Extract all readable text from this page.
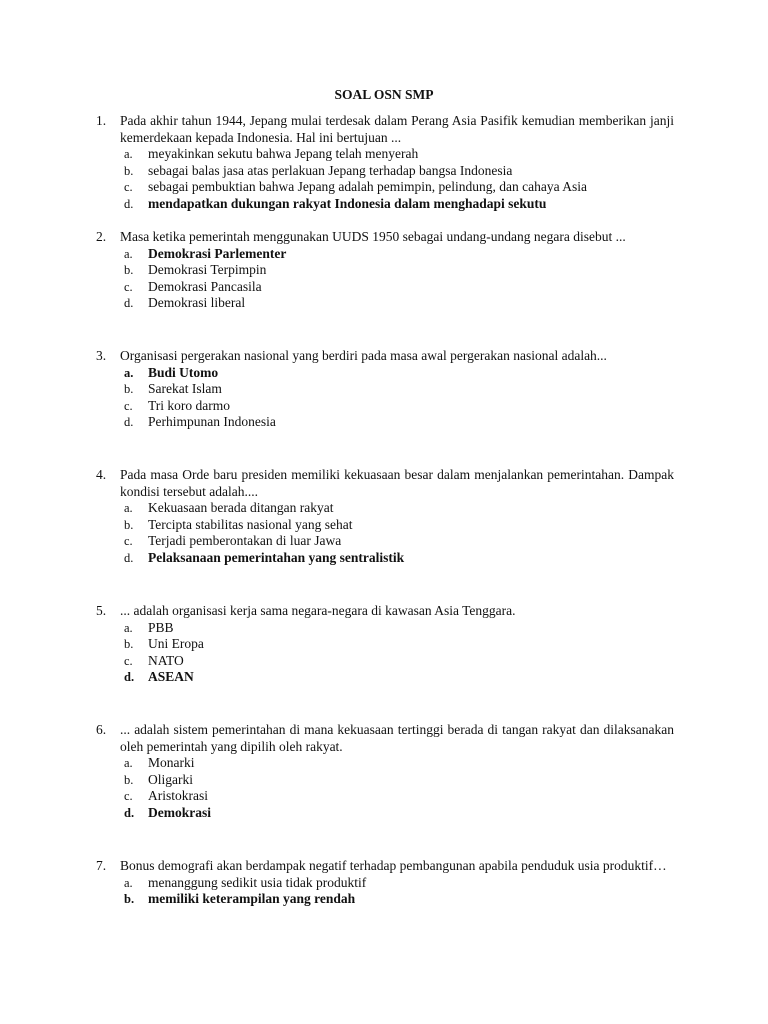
SOAL OSN SMP
1.	Pada akhir tahun 1944, Jepang mulai terdesak dalam Perang Asia Pasifik kemudian memberikan janji kemerdekaan kepada Indonesia. Hal ini bertujuan ...
a. meyakinkan sekutu bahwa Jepang telah menyerah
b. sebagai balas jasa atas perlakuan Jepang terhadap bangsa Indonesia
c. sebagai pembuktian bahwa Jepang adalah pemimpin, pelindung, dan cahaya Asia
d. mendapatkan dukungan rakyat Indonesia dalam menghadapi sekutu
2.	Masa ketika pemerintah menggunakan UUDS 1950 sebagai undang-undang negara disebut ...
a. Demokrasi Parlementer
b. Demokrasi Terpimpin
c. Demokrasi Pancasila
d. Demokrasi liberal
3.	Organisasi pergerakan nasional yang berdiri pada masa awal pergerakan nasional adalah...
a. Budi Utomo
b. Sarekat Islam
c. Tri koro darmo
d. Perhimpunan Indonesia
4.	Pada masa Orde baru presiden memiliki kekuasaan besar dalam menjalankan pemerintahan. Dampak kondisi tersebut adalah....
a. Kekuasaan berada ditangan rakyat
b. Tercipta stabilitas nasional yang sehat
c. Terjadi pemberontakan di luar Jawa
d. Pelaksanaan pemerintahan yang sentralistik
5.	... adalah organisasi kerja sama negara-negara di kawasan Asia Tenggara.
a. PBB
b. Uni Eropa
c. NATO
d. ASEAN
6.	... adalah sistem pemerintahan di mana kekuasaan tertinggi berada di tangan rakyat dan dilaksanakan oleh pemerintah yang dipilih oleh rakyat.
a. Monarki
b. Oligarki
c. Aristokrasi
d. Demokrasi
7.	Bonus demografi akan berdampak negatif terhadap pembangunan apabila penduduk usia produktif…
a. menanggung sedikit usia tidak produktif
b. memiliki keterampilan yang rendah
